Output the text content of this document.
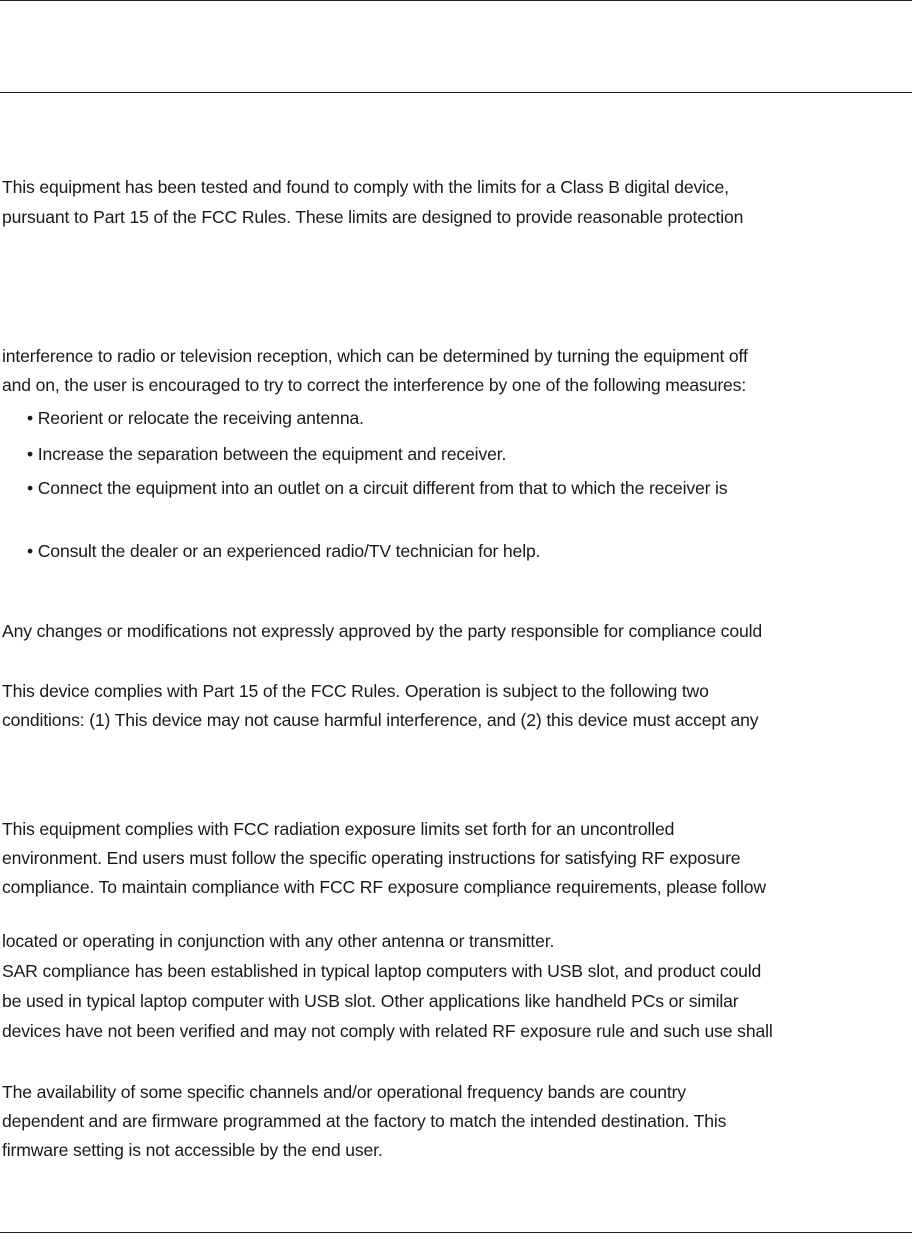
This equipment has been tested and found to comply with the limits for a Class B digital device,
pursuant to Part 15 of the FCC Rules. These limits are designed to provide reasonable protection
interference to radio or television reception, which can be determined by turning the equipment off
and on, the user is encouraged to try to correct the interference by one of the following measures:
• Reorient or relocate the receiving antenna.
• Increase the separation between the equipment and receiver.
• Connect the equipment into an outlet on a circuit different from that to which the receiver is
• Consult the dealer or an experienced radio/TV technician for help.
Any changes or modifications not expressly approved by the party responsible for compliance could
This device complies with Part 15 of the FCC Rules. Operation is subject to the following two
conditions: (1) This device may not cause harmful interference, and (2) this device must accept any
This equipment complies with FCC radiation exposure limits set forth for an uncontrolled
environment. End users must follow the specific operating instructions for satisfying RF exposure
compliance. To maintain compliance with FCC RF exposure compliance requirements, please follow
located or operating in conjunction with any other antenna or transmitter.
SAR compliance has been established in typical laptop computers with USB slot, and product could
be used in typical laptop computer with USB slot. Other applications like handheld PCs or similar
devices have not been verified and may not comply with related RF exposure rule and such use shall
The availability of some specific channels and/or operational frequency bands are country
dependent and are firmware programmed at the factory to match the intended destination. This
firmware setting is not accessible by the end user.
